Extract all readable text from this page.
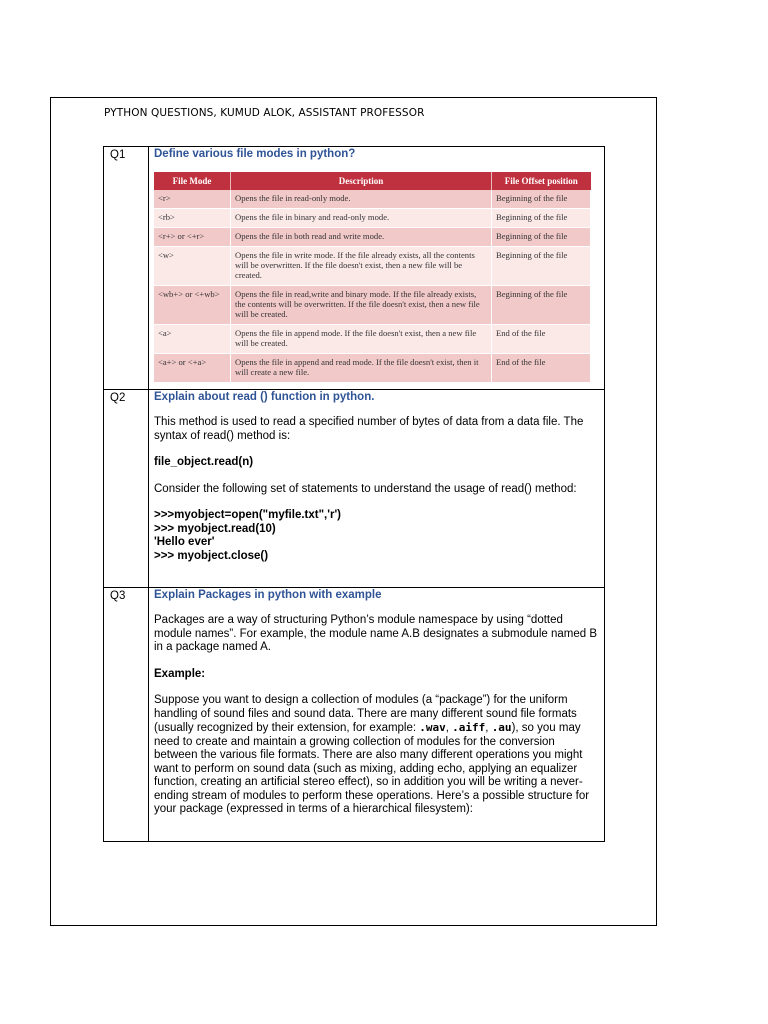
PYTHON QUESTIONS, KUMUD ALOK, ASSISTANT PROFESSOR
Q1	Define various file modes in python?
File Mode	Description	File Offset position
<r>	Opens the file in read-only mode.	Beginning of the file
<rb>	Opens the file in binary and read-only mode.	Beginning of the file
<r+> or <+r>	Opens the file in both read and write mode.	Beginning of the file
<w>	Opens the file in write mode. If the file already exists, all the contents will be overwritten. If the file doesn't exist, then a new file will be created.	Beginning of the file
<wb+> or <+wb>	Opens the file in read,write and binary mode. If the file already exists, the contents will be overwritten. If the file doesn't exist, then a new file will be created.	Beginning of the file
<a>	Opens the file in append mode. If the file doesn't exist, then a new file will be created.	End of the file
<a+> or <+a>	Opens the file in append and read mode. If the file doesn't exist, then it will create a new file.	End of the file

Q2	Explain about read () function in python.
This method is used to read a specified number of bytes of data from a data file. The syntax of read() method is:
file_object.read(n)
Consider the following set of statements to understand the usage of read() method:
>>>myobject=open("myfile.txt",'r')
>>> myobject.read(10)
'Hello ever'
>>> myobject.close()

Q3	Explain Packages in python with example
Packages are a way of structuring Python’s module namespace by using “dotted module names”. For example, the module name A.B designates a submodule named B in a package named A.
Example:
Suppose you want to design a collection of modules (a “package”) for the uniform handling of sound files and sound data. There are many different sound file formats (usually recognized by their extension, for example: .wav, .aiff, .au), so you may need to create and maintain a growing collection of modules for the conversion between the various file formats. There are also many different operations you might want to perform on sound data (such as mixing, adding echo, applying an equalizer function, creating an artificial stereo effect), so in addition you will be writing a never-ending stream of modules to perform these operations. Here’s a possible structure for your package (expressed in terms of a hierarchical filesystem):
